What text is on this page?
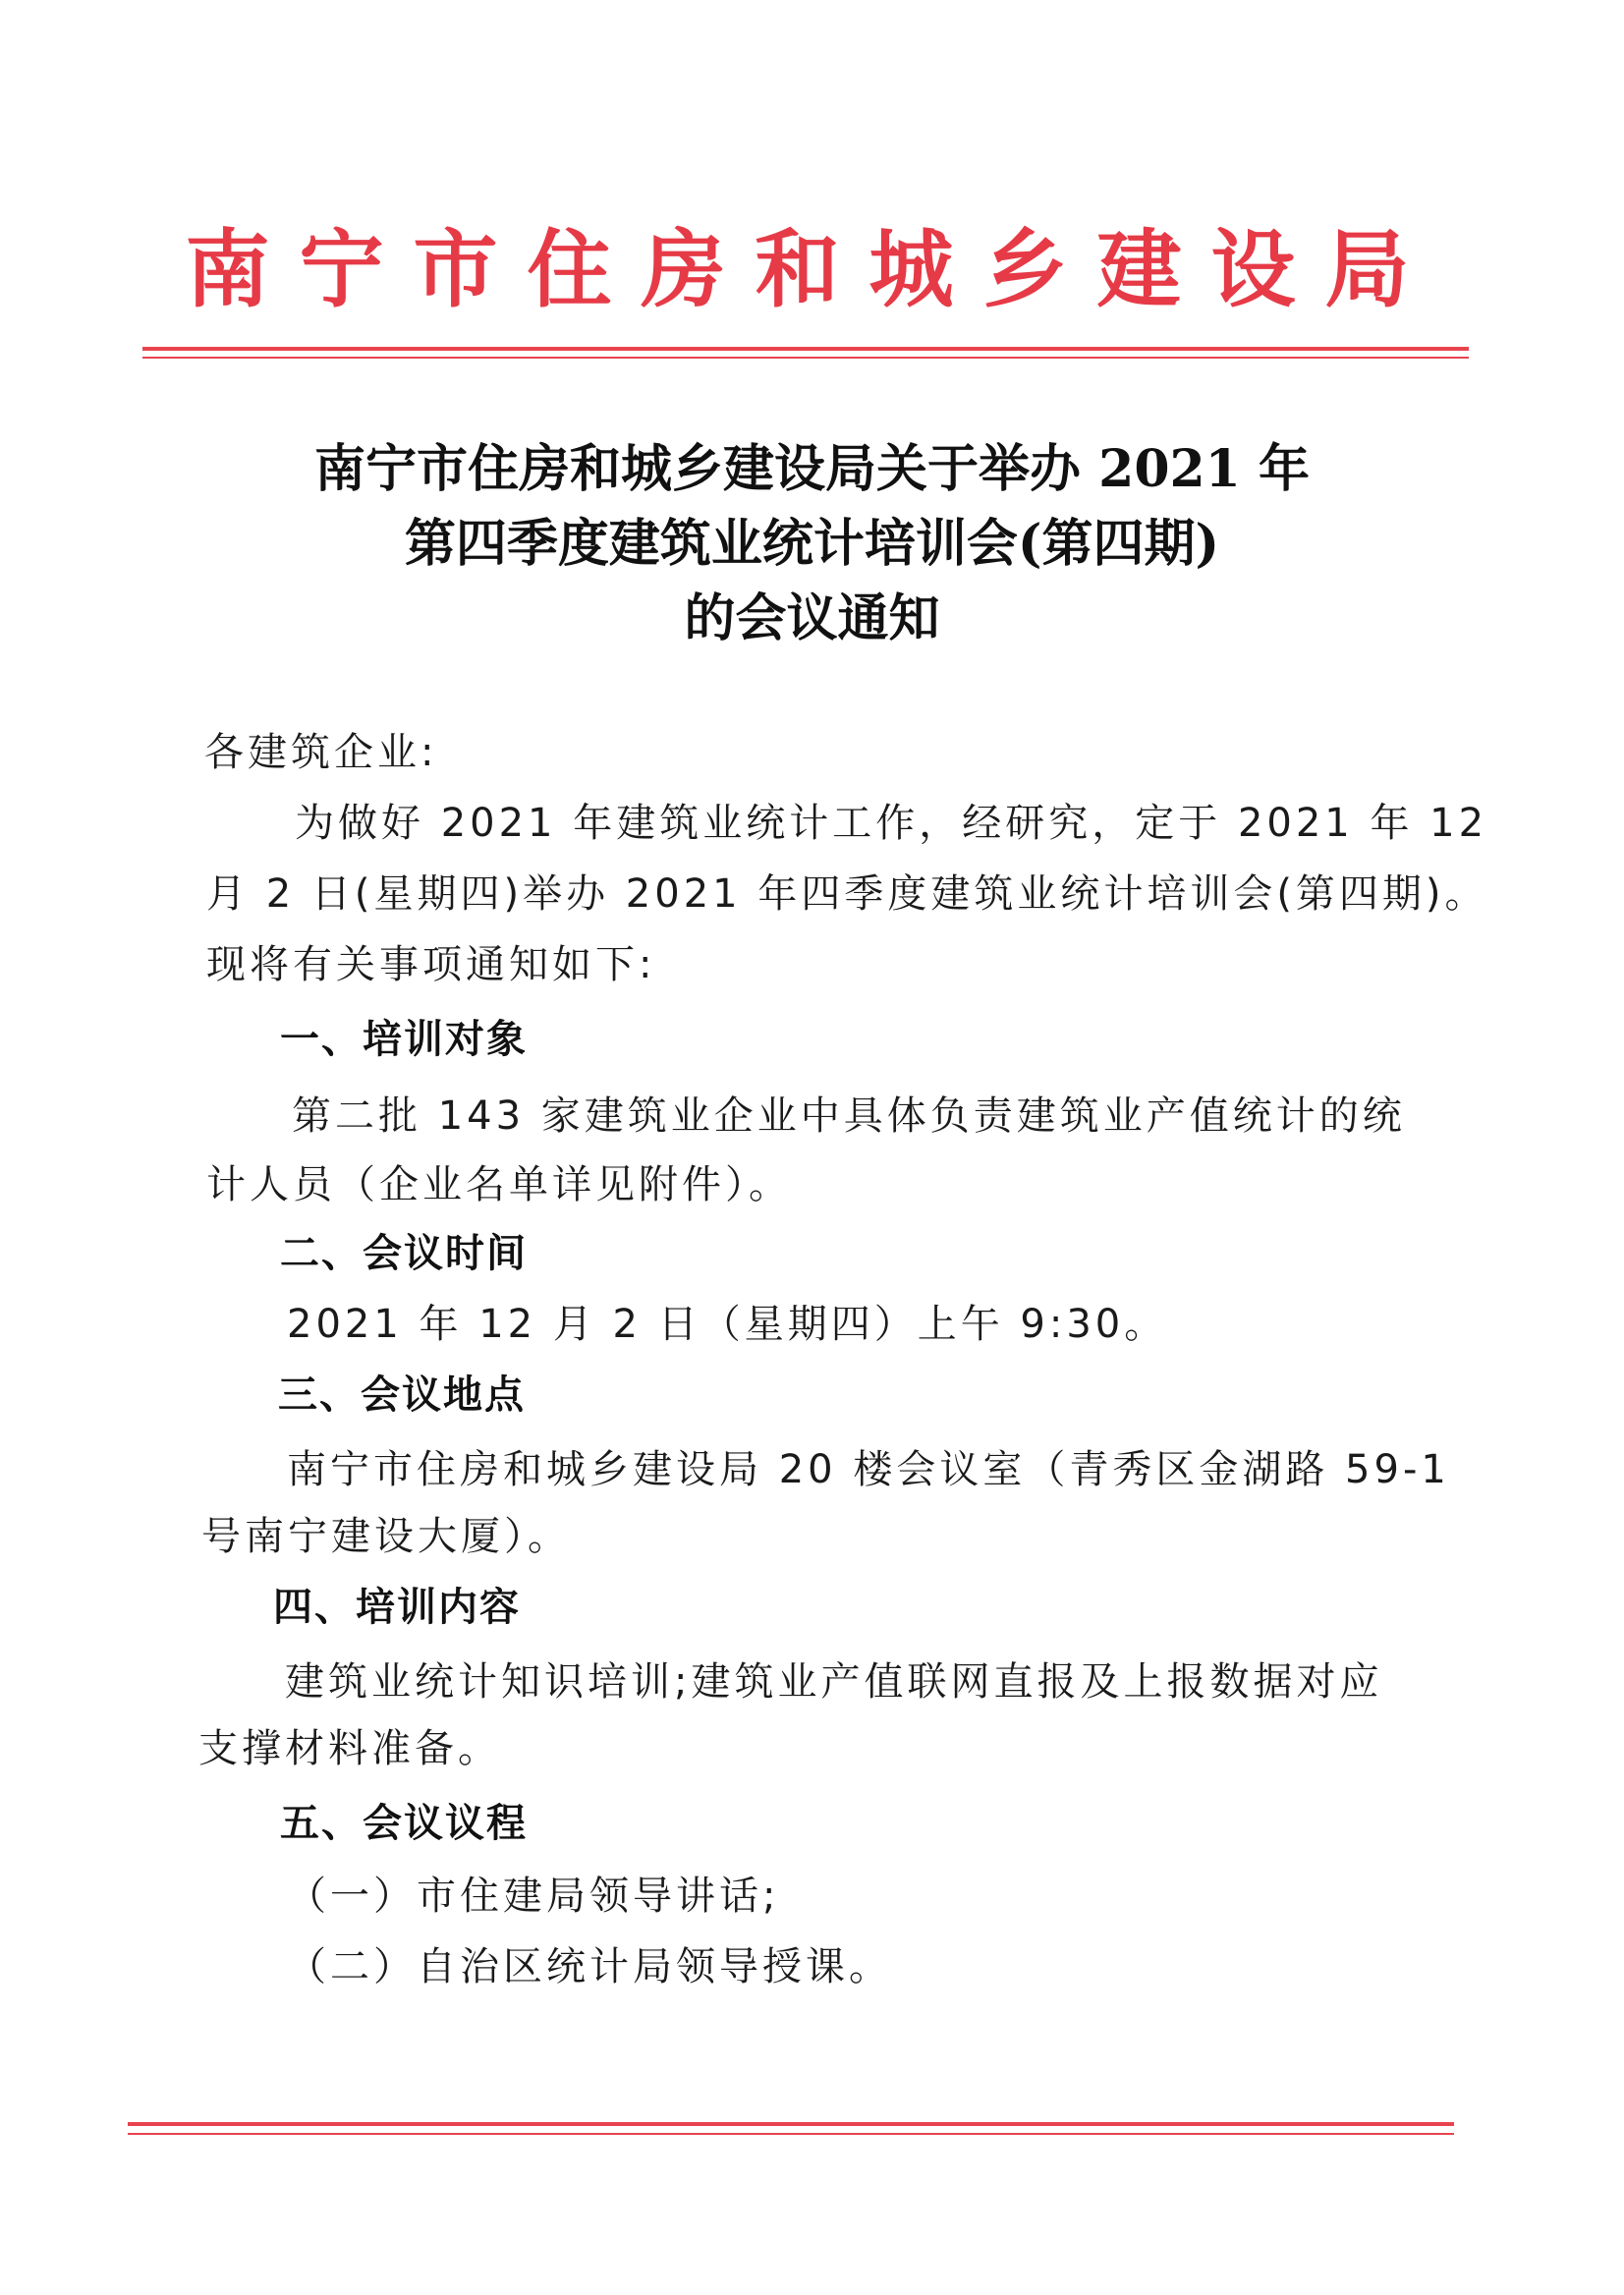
南宁市住房和城乡建设局
南宁市住房和城乡建设局关于举办 2021 年
第四季度建筑业统计培训会(第四期)
的会议通知
各建筑企业:
为做好 2021 年建筑业统计工作，经研究，定于 2021 年 12
月 2 日(星期四)举办 2021 年四季度建筑业统计培训会(第四期)。
现将有关事项通知如下:
一、培训对象
第二批 143 家建筑业企业中具体负责建筑业产值统计的统
计人员（企业名单详见附件）。
二、会议时间
2021 年 12 月 2 日（星期四）上午 9:30。
三、会议地点
南宁市住房和城乡建设局 20 楼会议室（青秀区金湖路 59-1
号南宁建设大厦）。
四、培训内容
建筑业统计知识培训;建筑业产值联网直报及上报数据对应
支撑材料准备。
五、会议议程
（一）市住建局领导讲话;
（二）自治区统计局领导授课。
